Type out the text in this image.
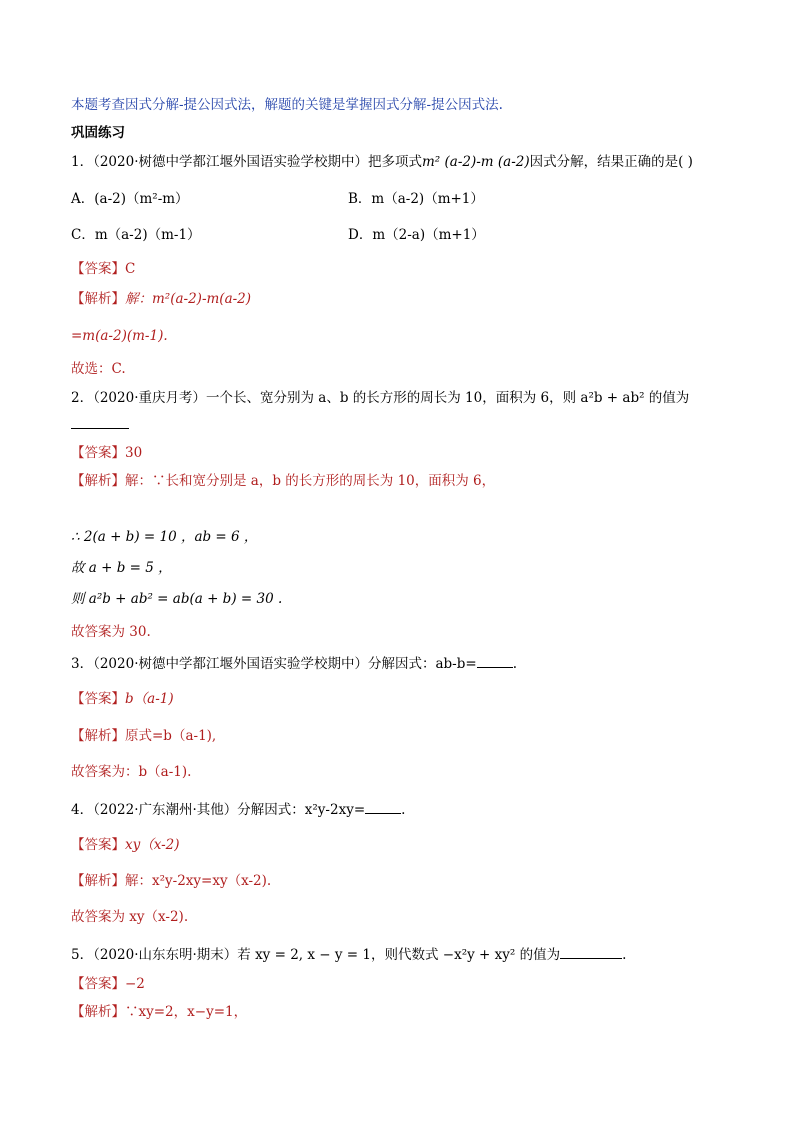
本题考查因式分解-提公因式法，解题的关键是掌握因式分解-提公因式法.
巩固练习
1．（2020·树德中学都江堰外国语实验学校期中）把多项式m² (a-2)-m (a-2)因式分解，结果正确的是( )
A．(a-2)（m²-m）	B．m（a-2)（m+1）
C．m（a-2)（m-1）	D．m（2-a)（m+1）
【答案】C
【解析】解：m²(a-2)-m(a-2)
=m(a-2)(m-1).
故选：C.
2．（2020·重庆月考）一个长、宽分别为 a、b 的长方形的周长为 10，面积为 6，则 a²b + ab² 的值为
【答案】30
【解析】解：∵长和宽分别是 a，b 的长方形的周长为 10，面积为 6，
∴ 2(a + b) = 10 ，ab = 6 ，
故 a + b = 5 ，
则 a²b + ab² = ab(a + b) = 30 .
故答案为 30.
3．（2020·树德中学都江堰外国语实验学校期中）分解因式：ab-b=	.
【答案】b（a-1)
【解析】原式=b（a-1),
故答案为：b（a-1).
4．（2022·广东潮州·其他）分解因式：x²y-2xy=	.
【答案】xy（x-2)
【解析】解：x²y-2xy=xy（x-2).
故答案为 xy（x-2).
5．（2020·山东东明·期末）若 xy = 2, x − y = 1，则代数式 −x²y + xy² 的值为	.
【答案】−2
【解析】∵xy=2，x−y=1，
